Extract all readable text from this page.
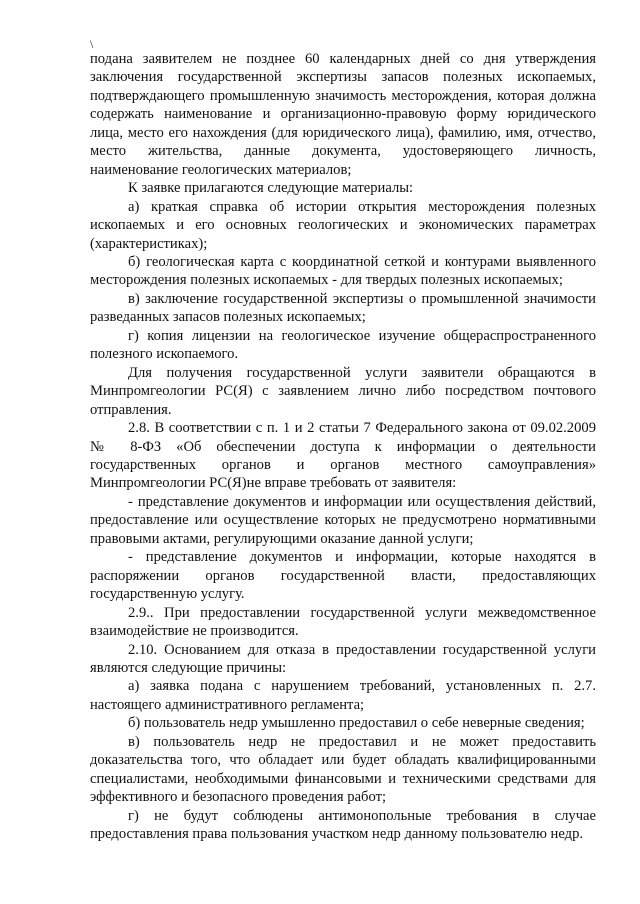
\

подана заявителем не позднее 60 календарных дней со дня утверждения заключения государственной экспертизы запасов полезных ископаемых, подтверждающего промышленную значимость месторождения, которая должна содержать наименование и организационно-правовую форму юридического лица, место его нахождения (для юридического лица), фамилию, имя, отчество, место жительства, данные документа, удостоверяющего личность, наименование геологических материалов;

К заявке прилагаются следующие материалы:

а) краткая справка об истории открытия месторождения полезных ископаемых и его основных геологических и экономических параметрах (характеристиках);

б) геологическая карта с координатной сеткой и контурами выявленного месторождения полезных ископаемых - для твердых полезных ископаемых;

в) заключение государственной экспертизы о промышленной значимости разведанных запасов полезных ископаемых;

г) копия лицензии на геологическое изучение общераспространенного полезного ископаемого.

Для получения государственной услуги заявители обращаются в Минпромгеологии РС(Я) с заявлением лично либо посредством почтового отправления.

2.8. В соответствии с п. 1 и 2 статьи 7 Федерального закона от 09.02.2009 № 8-ФЗ «Об обеспечении доступа к информации о деятельности государственных органов и органов местного самоуправления» Минпромгеологии РС(Я)не вправе требовать от заявителя:

- представление документов и информации или осуществления действий, предоставление или осуществление которых не предусмотрено нормативными правовыми актами, регулирующими оказание данной услуги;

- представление документов и информации, которые находятся в распоряжении органов государственной власти, предоставляющих государственную услугу.

2.9.. При предоставлении государственной услуги межведомственное взаимодействие не производится.

2.10. Основанием для отказа в предоставлении государственной услуги являются следующие причины:

а) заявка подана с нарушением требований, установленных п. 2.7. настоящего административного регламента;

б) пользователь недр умышленно предоставил о себе неверные сведения;

в) пользователь недр не предоставил и не может предоставить доказательства того, что обладает или будет обладать квалифицированными специалистами, необходимыми финансовыми и техническими средствами для эффективного и безопасного проведения работ;

г) не будут соблюдены антимонопольные требования в случае предоставления права пользования участком недр данному пользователю недр.
